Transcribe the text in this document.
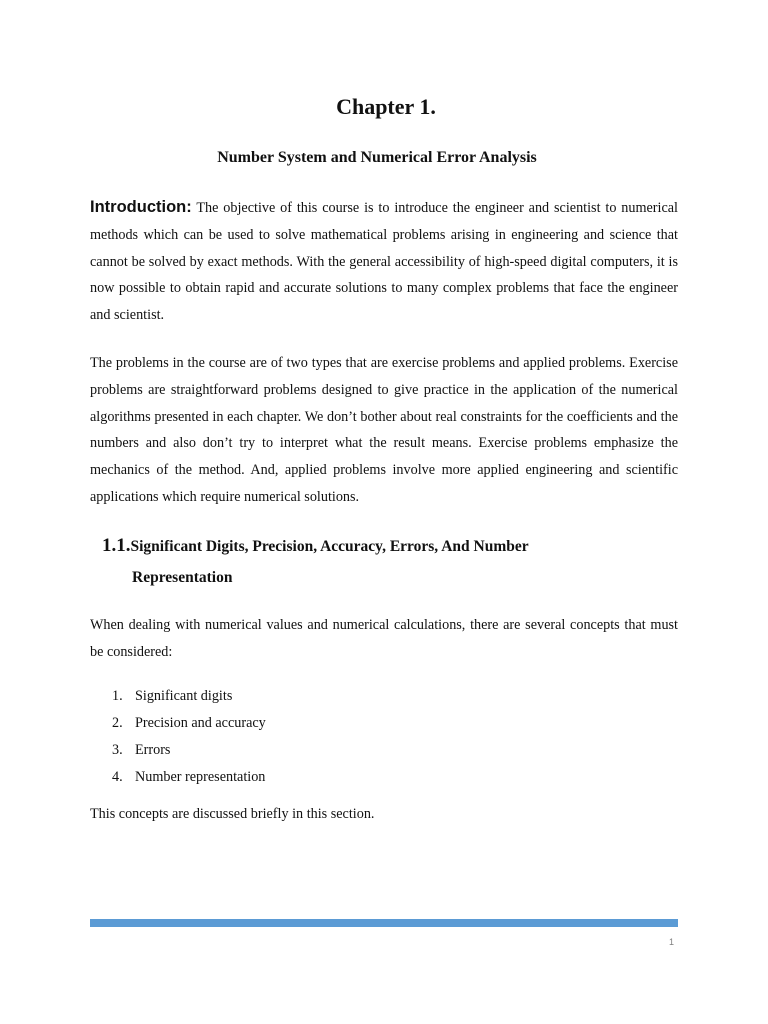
Chapter 1.
Number System and Numerical Error Analysis

Introduction: The objective of this course is to introduce the engineer and scientist to numerical methods which can be used to solve mathematical problems arising in engineering and science that cannot be solved by exact methods. With the general accessibility of high-speed digital computers, it is now possible to obtain rapid and accurate solutions to many complex problems that face the engineer and scientist.

The problems in the course are of two types that are exercise problems and applied problems. Exercise problems are straightforward problems designed to give practice in the application of the numerical algorithms presented in each chapter. We don’t bother about real constraints for the coefficients and the numbers and also don’t try to interpret what the result means. Exercise problems emphasize the mechanics of the method. And, applied problems involve more applied engineering and scientific applications which require numerical solutions.

1.1.Significant Digits, Precision, Accuracy, Errors, And Number
Representation

When dealing with numerical values and numerical calculations, there are several concepts that must be considered:

1. Significant digits
2. Precision and accuracy
3. Errors
4. Number representation

This concepts are discussed briefly in this section.

1
